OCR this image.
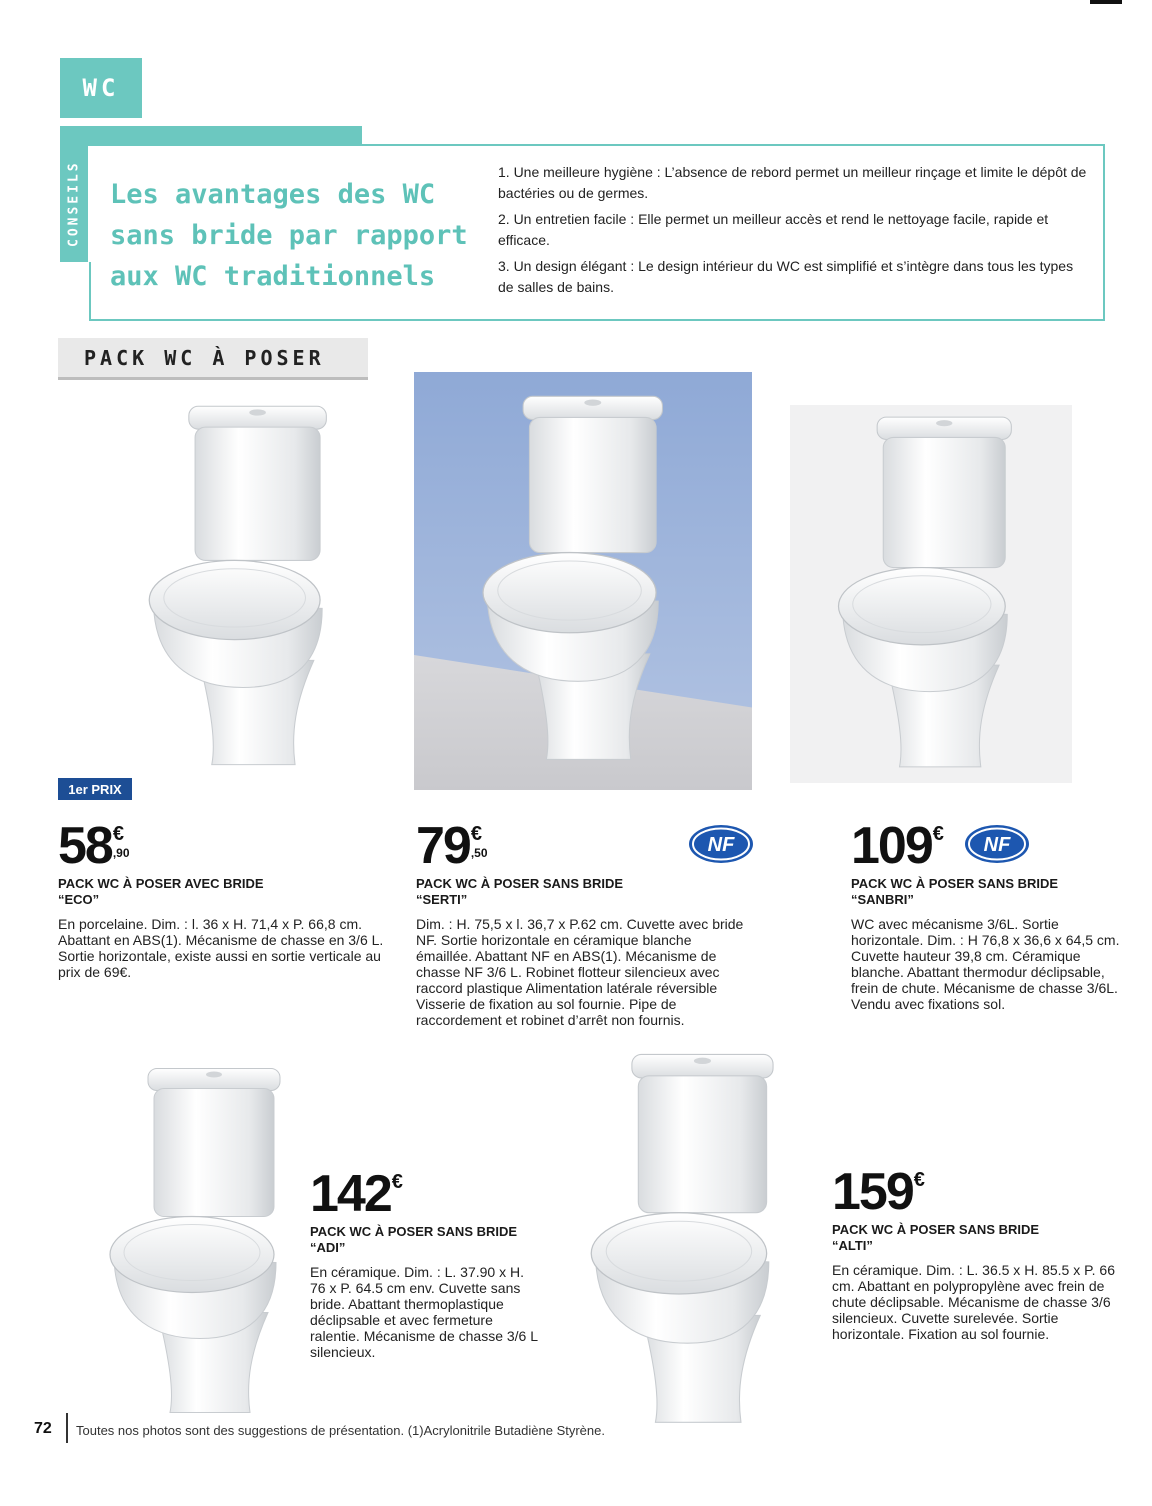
WC
CONSEILS Les avantages des WC sans bride par rapport aux WC traditionnels
1. Une meilleure hygiène : L’absence de rebord permet un meilleur rinçage et limite le dépôt de bactéries ou de germes.
2. Un entretien facile : Elle permet un meilleur accès et rend le nettoyage facile, rapide et efficace.
3. Un design élégant : Le design intérieur du WC est simplifié et s’intègre dans tous les types de salles de bains.
PACK WC À POSER
1er PRIX
58 €
,90

PACK WC À POSER AVEC BRIDE

“ECO”

En porcelaine. Dim. : l. 36 x H. 71,4 x P. 66,8 cm. Abattant en ABS(1). Mécanisme de chasse en 3/6 L. Sortie horizontale, existe aussi en sortie verticale au prix de 69€.

79 €
,50

PACK WC À POSER SANS BRIDE

“SERTI”

Dim. : H. 75,5 x l. 36,7 x P.62 cm. Cuvette avec bride NF. Sortie horizontale en céramique blanche émaillée. Abattant NF en ABS(1). Mécanisme de chasse NF 3/6 L. Robinet flotteur silencieux avec raccord plastique Alimentation latérale réversible Visserie de fixation au sol fournie. Pipe de raccordement et robinet d’arrêt non fournis.

NF 109 €

PACK WC À POSER SANS BRIDE

“SANBRI”

WC avec mécanisme 3/6L. Sortie horizontale. Dim. : H 76,8 x 36,6 x 64,5 cm. Cuvette hauteur 39,8 cm. Céramique blanche. Abattant thermodur déclipsable, frein de chute. Mécanisme de chasse 3/6L. Vendu avec fixations sol.

NF
142 €

PACK WC À POSER SANS BRIDE

“ADI”

En céramique. Dim. : L. 37.90 x H. 76 x P. 64.5 cm env. Cuvette sans bride. Abattant thermoplastique déclipsable et avec fermeture ralentie. Mécanisme de chasse 3/6 L silencieux.

159 €

PACK WC À POSER SANS BRIDE

“ALTI”

En céramique. Dim. : L. 36.5 x H. 85.5 x P. 66 cm. Abattant en polypropylène avec frein de chute déclipsable. Mécanisme de chasse 3/6 silencieux. Cuvette surelevée. Sortie horizontale. Fixation au sol fournie.

72 Toutes nos photos sont des suggestions de présentation. (1)Acrylonitrile Butadiène Styrène.
